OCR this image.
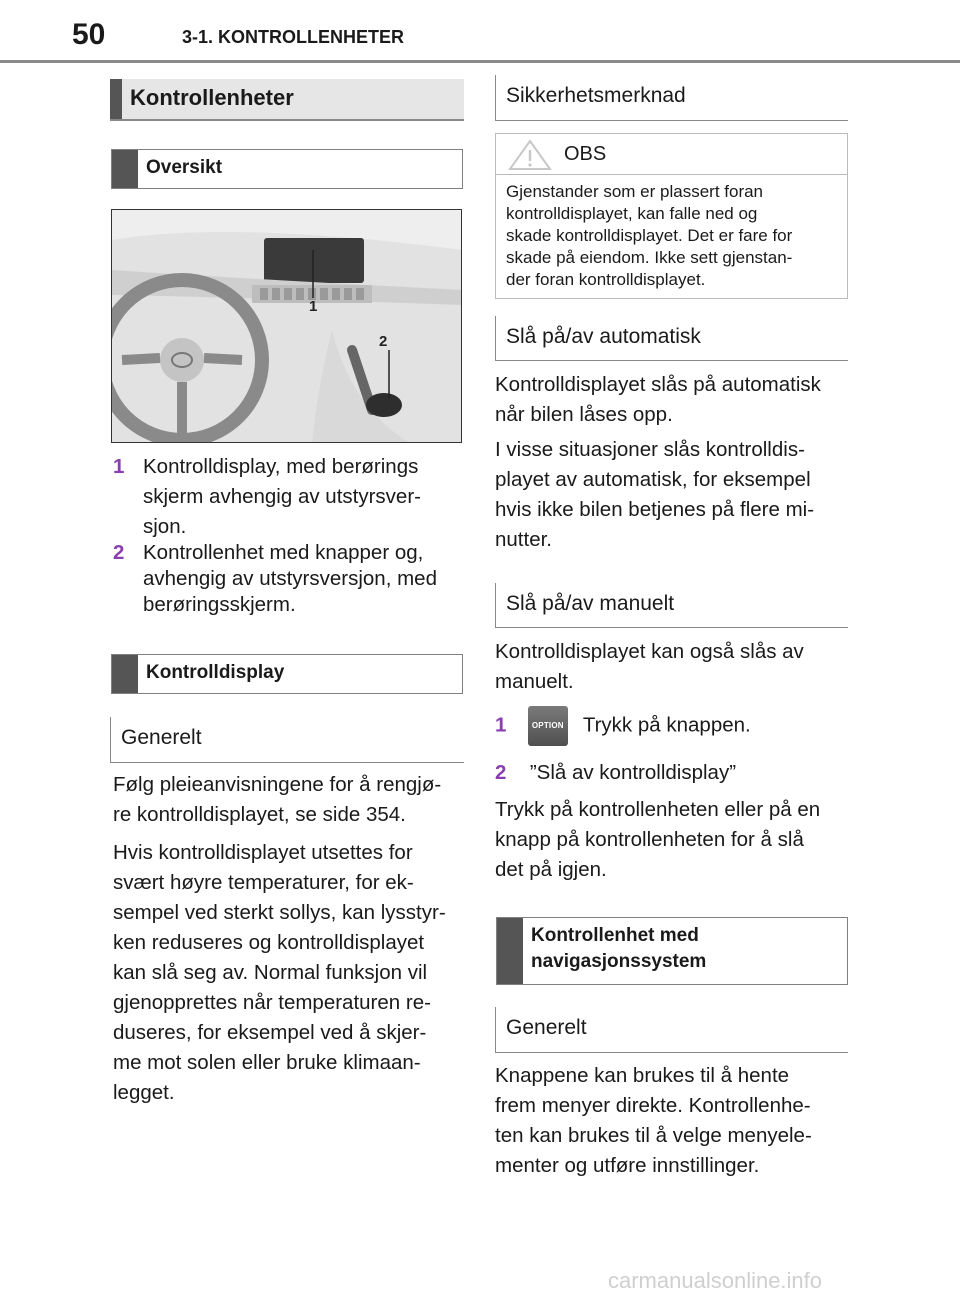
50	3-1. KONTROLLENHETER
Kontrollenheter
Oversikt
1
2
1 Kontrolldisplay, med berørings
skjerm avhengig av utstyrsver-
sjon.
2 Kontrollenhet med knapper og,
avhengig av utstyrsversjon, med
berøringsskjerm.
Kontrolldisplay
Generelt
Følg pleieanvisningene for å rengjø-
re kontrolldisplayet, se side 354.
Hvis kontrolldisplayet utsettes for
svært høyre temperaturer, for ek-
sempel ved sterkt sollys, kan lysstyr-
ken reduseres og kontrolldisplayet
kan slå seg av. Normal funksjon vil
gjenopprettes når temperaturen re-
duseres, for eksempel ved å skjer-
me mot solen eller bruke klimaan-
legget.
Sikkerhetsmerknad
OBS
Gjenstander som er plassert foran
kontrolldisplayet, kan falle ned og
skade kontrolldisplayet. Det er fare for
skade på eiendom. Ikke sett gjenstan-
der foran kontrolldisplayet.
Slå på/av automatisk
Kontrolldisplayet slås på automatisk
når bilen låses opp.
I visse situasjoner slås kontrolldis-
playet av automatisk, for eksempel
hvis ikke bilen betjenes på flere mi-
nutter.
Slå på/av manuelt
Kontrolldisplayet kan også slås av
manuelt.
1	OPTION Trykk på knappen.
2 ”Slå av kontrolldisplay”
Trykk på kontrollenheten eller på en
knapp på kontrollenheten for å slå
det på igjen.
Kontrollenhet med
navigasjonssystem
Generelt
Knappene kan brukes til å hente
frem menyer direkte. Kontrollenhe-
ten kan brukes til å velge menyele-
menter og utføre innstillinger.
carmanualsonline.info
